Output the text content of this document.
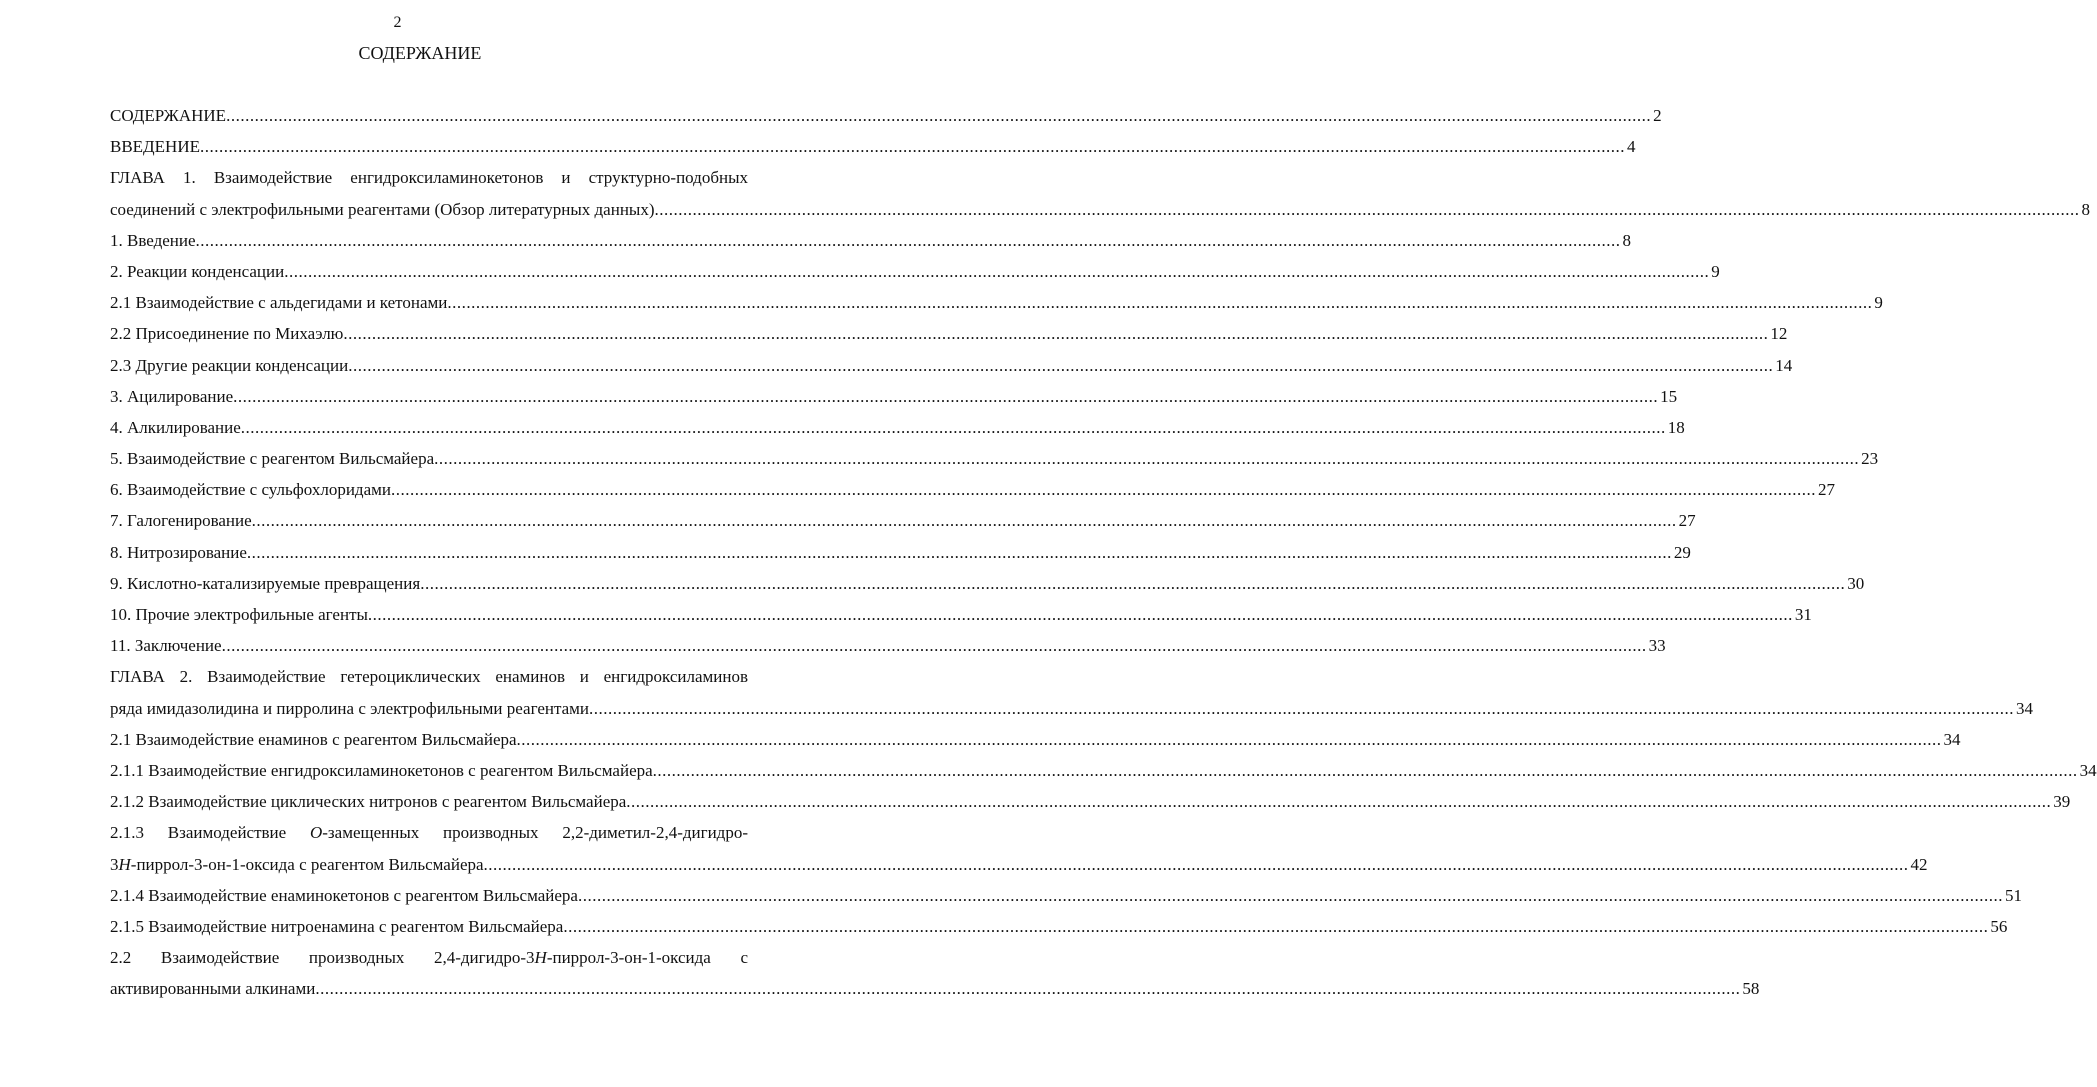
2
СОДЕРЖАНИЕ
СОДЕРЖАНИЕ ............................................................................................................................................................................................................................................................................................................ 2
ВВЕДЕНИЕ ............................................................................................................................................................................................................................................................................................................ 4
ГЛАВА 1. Взаимодействие енгидроксиламинокетонов и структурно-подобных
соединений с электрофильными реагентами (Обзор литературных данных) ............................................................................................................................................................................................................................................................................................................ 8
1. Введение ............................................................................................................................................................................................................................................................................................................ 8
2. Реакции конденсации ............................................................................................................................................................................................................................................................................................................ 9
2.1 Взаимодействие с альдегидами и кетонами ............................................................................................................................................................................................................................................................................................................ 9
2.2 Присоединение по Михаэлю ............................................................................................................................................................................................................................................................................................................ 12
2.3 Другие реакции конденсации ............................................................................................................................................................................................................................................................................................................ 14
3. Ацилирование ............................................................................................................................................................................................................................................................................................................ 15
4. Алкилирование ............................................................................................................................................................................................................................................................................................................ 18
5. Взаимодействие с реагентом Вильсмайера ............................................................................................................................................................................................................................................................................................................ 23
6. Взаимодействие с сульфохлоридами ............................................................................................................................................................................................................................................................................................................ 27
7. Галогенирование ............................................................................................................................................................................................................................................................................................................ 27
8. Нитрозирование ............................................................................................................................................................................................................................................................................................................ 29
9. Кислотно-катализируемые превращения ............................................................................................................................................................................................................................................................................................................ 30
10. Прочие электрофильные агенты ............................................................................................................................................................................................................................................................................................................ 31
11. Заключение ............................................................................................................................................................................................................................................................................................................ 33
ГЛАВА 2. Взаимодействие гетероциклических енаминов и енгидроксиламинов
ряда имидазолидина и пирролина с электрофильными реагентами ............................................................................................................................................................................................................................................................................................................ 34
2.1 Взаимодействие енаминов с реагентом Вильсмайера ............................................................................................................................................................................................................................................................................................................ 34
2.1.1 Взаимодействие енгидроксиламинокетонов с реагентом Вильсмайера ............................................................................................................................................................................................................................................................................................................ 34
2.1.2 Взаимодействие циклических нитронов с реагентом Вильсмайера ............................................................................................................................................................................................................................................................................................................ 39
2.1.3 Взаимодействие O-замещенных производных 2,2-диметил-2,4-дигидро-
3H-пиррол-3-он-1-оксида с реагентом Вильсмайера ............................................................................................................................................................................................................................................................................................................ 42
2.1.4 Взаимодействие енаминокетонов с реагентом Вильсмайера ............................................................................................................................................................................................................................................................................................................ 51
2.1.5 Взаимодействие нитроенамина с реагентом Вильсмайера ............................................................................................................................................................................................................................................................................................................ 56
2.2 Взаимодействие производных 2,4-дигидро-3H-пиррол-3-он-1-оксида с
активированными алкинами ............................................................................................................................................................................................................................................................................................................ 58
